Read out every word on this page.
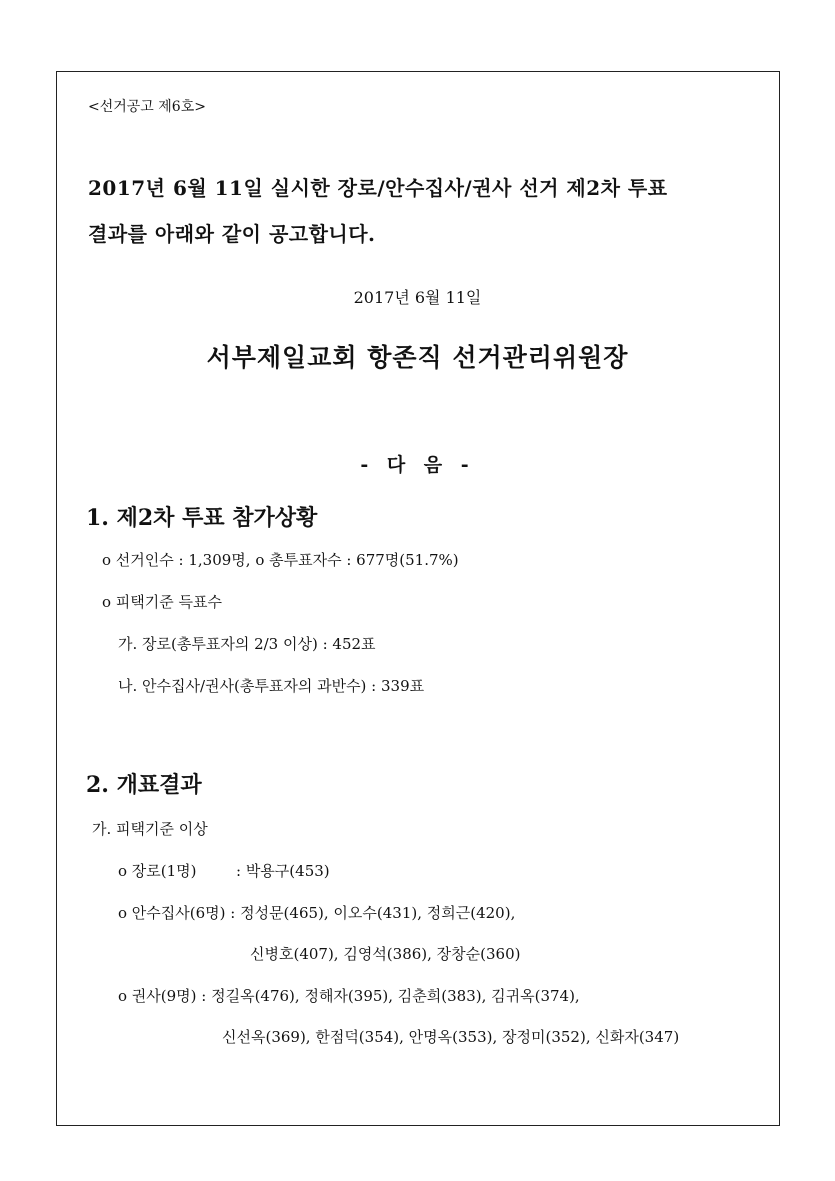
<선거공고 제6호>
2017년 6월 11일 실시한 장로/안수집사/권사 선거 제2차 투표
결과를 아래와 같이 공고합니다.
2017년 6월 11일
서부제일교회 항존직 선거관리위원장
- 다 음 -
1. 제2차 투표 참가상황
o 선거인수 : 1,309명, o 총투표자수 : 677명(51.7%)
o 피택기준 득표수
가. 장로(총투표자의 2/3 이상) : 452표
나. 안수집사/권사(총투표자의 과반수) : 339표
2. 개표결과
가. 피택기준 이상
o 장로(1명)	: 박용구(453)
o 안수집사(6명) : 정성문(465), 이오수(431), 정희근(420),
신병호(407), 김영석(386), 장창순(360)
o 권사(9명) : 정길옥(476), 정해자(395), 김춘희(383), 김귀옥(374),
신선옥(369), 한점덕(354), 안명옥(353), 장정미(352), 신화자(347)
